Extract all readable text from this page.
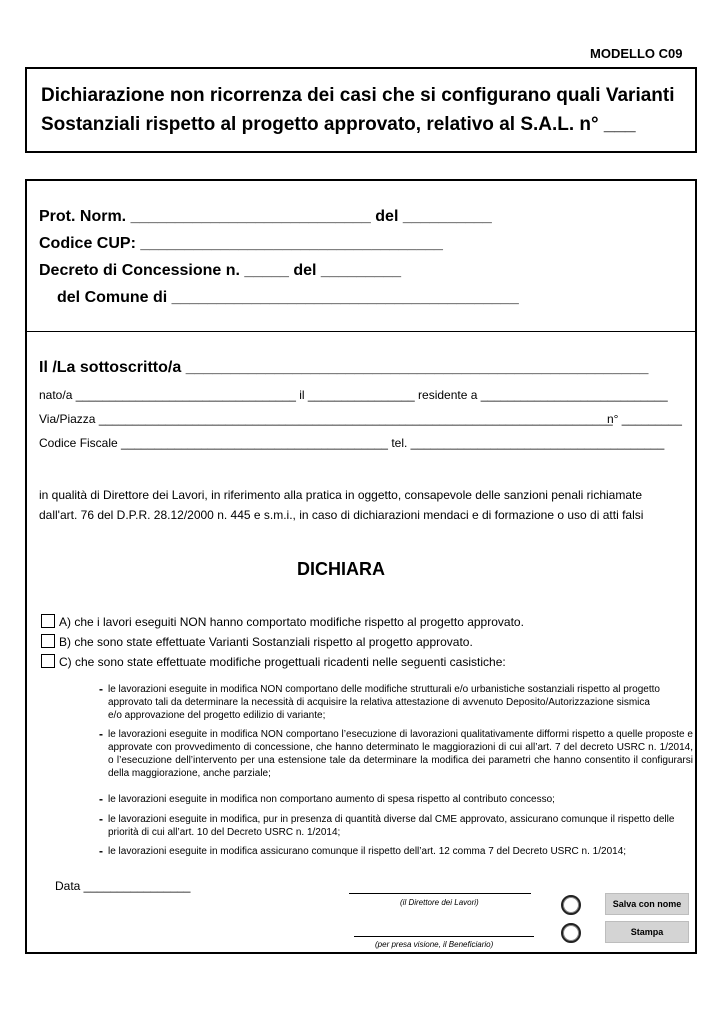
MODELLO C09
Dichiarazione non ricorrenza dei casi che si configurano quali Varianti
Sostanziali rispetto al progetto approvato, relativo al S.A.L. n° ___
Prot. Norm. ___________________________ del __________
Codice CUP: __________________________________
Decreto di Concessione n. _____ del _________
del Comune di _______________________________________
Il /La sottoscritto/a ____________________________________________________
nato/a _________________________________ il ________________ residente a ____________________________
Via/Piazza _____________________________________________________________________________
n° _________
Codice Fiscale ________________________________________ tel. ______________________________________
in qualità di Direttore dei Lavori, in riferimento alla pratica in oggetto, consapevole delle sanzioni penali richiamate
dall'art. 76 del D.P.R. 28.12/2000 n. 445 e s.m.i., in caso di dichiarazioni mendaci e di formazione o uso di atti falsi
DICHIARA
A) che i lavori eseguiti NON hanno comportato modifiche rispetto al progetto approvato.
B) che sono state effettuate Varianti Sostanziali rispetto al progetto approvato.
C) che sono state effettuate modifiche progettuali ricadenti nelle seguenti casistiche:
- le lavorazioni eseguite in modifica NON comportano delle modifiche strutturali e/o urbanistiche sostanziali rispetto al progetto approvato tali da determinare la necessità di acquisire la relativa attestazione di avvenuto Deposito/Autorizzazione sismica e/o approvazione del progetto edilizio di variante;
- le lavorazioni eseguite in modifica NON comportano l’esecuzione di lavorazioni qualitativamente difformi rispetto a quelle proposte e approvate con provvedimento di concessione, che hanno determinato le maggiorazioni di cui all’art. 7 del decreto USRC n. 1/2014, o l’esecuzione dell’intervento per una estensione tale da determinare la modifica dei parametri che hanno consentito il configurarsi della maggiorazione, anche parziale;
- le lavorazioni eseguite in modifica non comportano aumento di spesa rispetto al contributo concesso;
- le lavorazioni eseguite in modifica, pur in presenza di quantità diverse dal CME approvato, assicurano comunque il rispetto delle priorità di cui all’art. 10 del Decreto USRC n. 1/2014;
- le lavorazioni eseguite in modifica assicurano comunque il rispetto dell’art. 12 comma 7 del Decreto USRC n. 1/2014;
Data ________________
(il Direttore dei Lavori)
(per presa visione, il Beneficiario)
Salva con nome
Stampa
